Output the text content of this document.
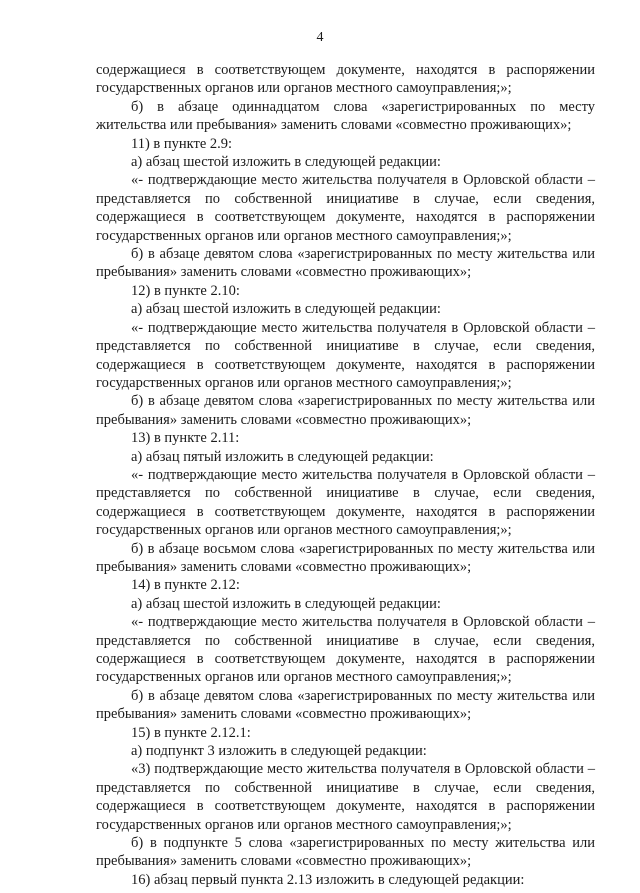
4

содержащиеся в соответствующем документе, находятся в распоряжении государственных органов или органов местного самоуправления;»;

б) в абзаце одиннадцатом слова «зарегистрированных по месту жительства или пребывания» заменить словами «совместно проживающих»;

11) в пункте 2.9:

а) абзац шестой изложить в следующей редакции:

«- подтверждающие место жительства получателя в Орловской области – представляется по собственной инициативе в случае, если сведения, содержащиеся в соответствующем документе, находятся в распоряжении государственных органов или органов местного самоуправления;»;

б) в абзаце девятом слова «зарегистрированных по месту жительства или пребывания» заменить словами «совместно проживающих»;

12) в пункте 2.10:

а) абзац шестой изложить в следующей редакции:

«- подтверждающие место жительства получателя в Орловской области – представляется по собственной инициативе в случае, если сведения, содержащиеся в соответствующем документе, находятся в распоряжении государственных органов или органов местного самоуправления;»;

б) в абзаце девятом слова «зарегистрированных по месту жительства или пребывания» заменить словами «совместно проживающих»;

13) в пункте 2.11:

а) абзац пятый изложить в следующей редакции:

«- подтверждающие место жительства получателя в Орловской области – представляется по собственной инициативе в случае, если сведения, содержащиеся в соответствующем документе, находятся в распоряжении государственных органов или органов местного самоуправления;»;

б) в абзаце восьмом слова «зарегистрированных по месту жительства или пребывания» заменить словами «совместно проживающих»;

14) в пункте 2.12:

а) абзац шестой изложить в следующей редакции:

«- подтверждающие место жительства получателя в Орловской области – представляется по собственной инициативе в случае, если сведения, содержащиеся в соответствующем документе, находятся в распоряжении государственных органов или органов местного самоуправления;»;

б) в абзаце девятом слова «зарегистрированных по месту жительства или пребывания» заменить словами «совместно проживающих»;

15) в пункте 2.12.1:

а) подпункт 3 изложить в следующей редакции:

«3) подтверждающие место жительства получателя в Орловской области – представляется по собственной инициативе в случае, если сведения, содержащиеся в соответствующем документе, находятся в распоряжении государственных органов или органов местного самоуправления;»;

б) в подпункте 5 слова «зарегистрированных по месту жительства или пребывания» заменить словами «совместно проживающих»;

16) абзац первый пункта 2.13 изложить в следующей редакции:
